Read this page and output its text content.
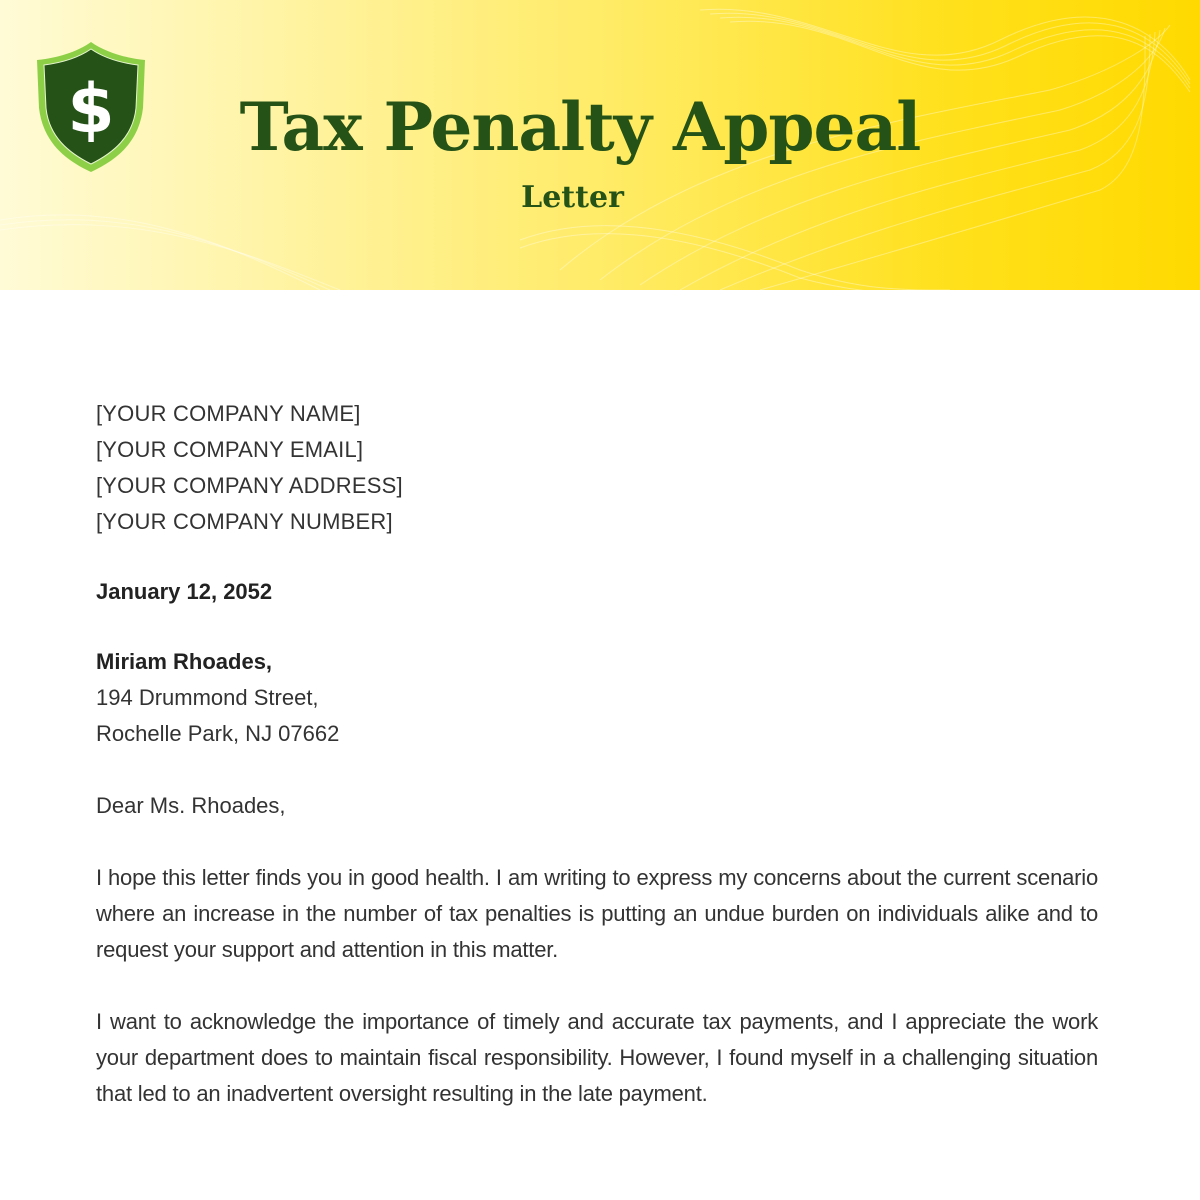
$	Tax Penalty Appeal
Letter
[YOUR COMPANY NAME]
[YOUR COMPANY EMAIL]
[YOUR COMPANY ADDRESS]
[YOUR COMPANY NUMBER]
January 12, 2052
Miriam Rhoades,
194 Drummond Street,
Rochelle Park, NJ 07662
Dear Ms. Rhoades,
I hope this letter finds you in good health. I am writing to express my concerns about the current scenario where an increase in the number of tax penalties is putting an undue burden on individuals alike and to request your support and attention in this matter.
I want to acknowledge the importance of timely and accurate tax payments, and I appreciate the work your department does to maintain fiscal responsibility. However, I found myself in a challenging situation that led to an inadvertent oversight resulting in the late payment.
